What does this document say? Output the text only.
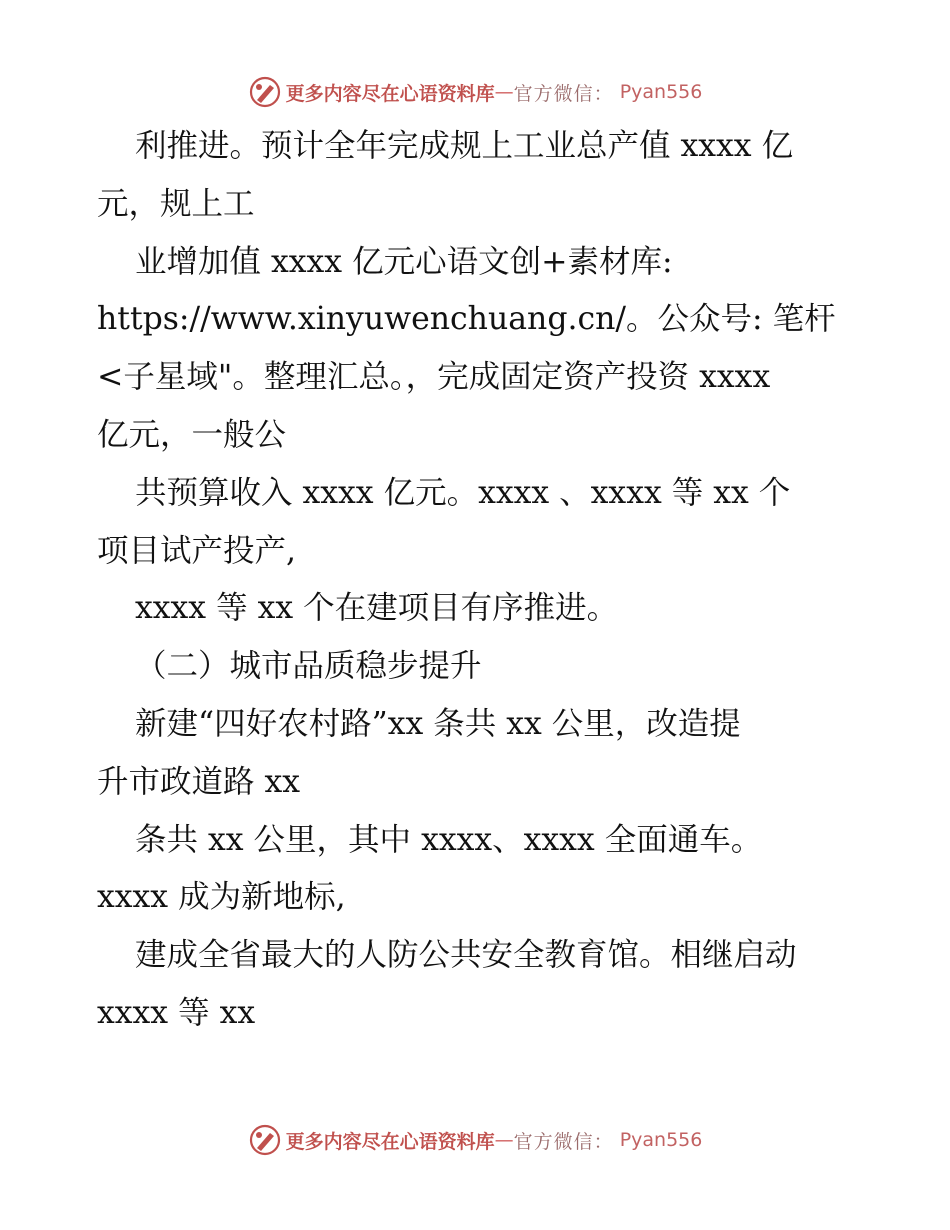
更多内容尽在心语资料库 — 官方微信： Pyan556
利推进。预计全年完成规上工业总产值 xxxx 亿
元，规上工
业增加值 xxxx 亿元心语文创+素材库:
https://www.xinyuwenchuang.cn/。公众号: 笔杆
<子星域"。整理汇总。，完成固定资产投资 xxxx
亿元，一般公
共预算收入 xxxx 亿元。xxxx 、xxxx 等 xx 个
项目试产投产,
xxxx 等 xx 个在建项目有序推进。
（二）城市品质稳步提升
新建“四好农村路”xx 条共 xx 公里，改造提
升市政道路 xx
条共 xx 公里，其中 xxxx、xxxx 全面通车。
xxxx 成为新地标,
建成全省最大的人防公共安全教育馆。相继启动
xxxx 等 xx
更多内容尽在心语资料库 — 官方微信： Pyan556
